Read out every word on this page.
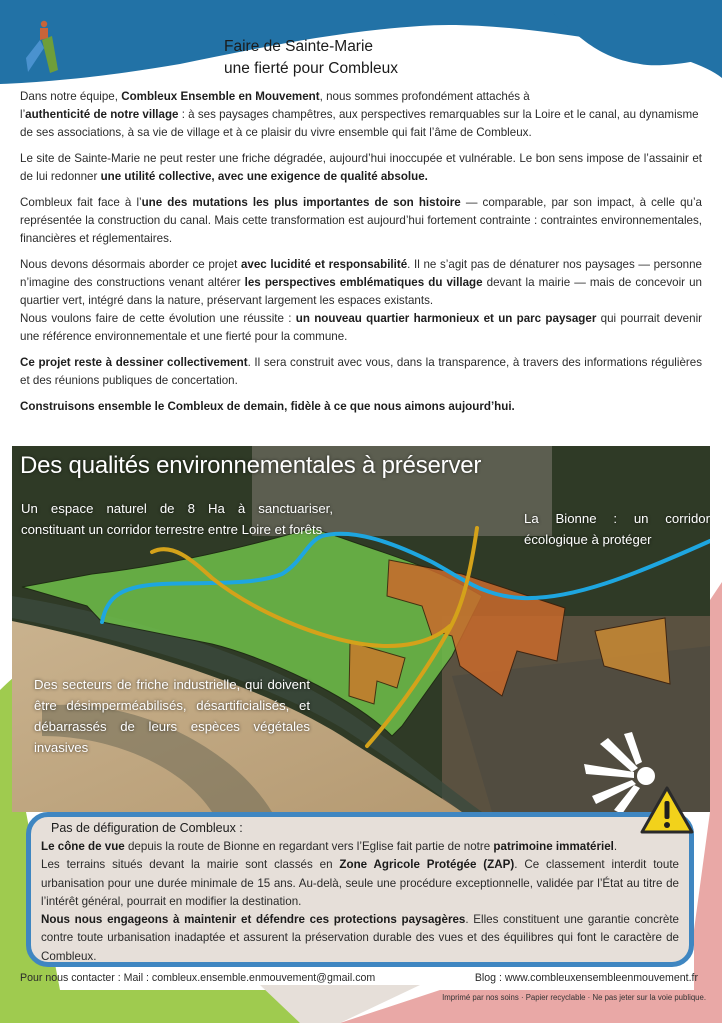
Faire de Sainte-Marie
une fierté pour Combleux

Dans notre équipe, Combleux Ensemble en Mouvement, nous sommes profondément attachés à
l’authenticité de notre village : à ses paysages champêtres, aux perspectives remarquables sur la Loire et le canal, au dynamisme de ses associations, à sa vie de village et à ce plaisir du vivre ensemble qui fait l’âme de Combleux.

Le site de Sainte-Marie ne peut rester une friche dégradée, aujourd’hui inoccupée et vulnérable. Le bon sens impose de l’assainir et de lui redonner une utilité collective, avec une exigence de qualité absolue.

Combleux fait face à l’une des mutations les plus importantes de son histoire — comparable, par son impact, à celle qu’a représentée la construction du canal. Mais cette transformation est aujourd’hui fortement contrainte : contraintes environnementales, financières et réglementaires.

Nous devons désormais aborder ce projet avec lucidité et responsabilité. Il ne s’agit pas de dénaturer nos paysages — personne n’imagine des constructions venant altérer les perspectives emblématiques du village devant la mairie — mais de concevoir un quartier vert, intégré dans la nature, préservant largement les espaces existants.

Nous voulons faire de cette évolution une réussite : un nouveau quartier harmonieux et un parc paysager qui pourrait devenir une référence environnementale et une fierté pour la commune.

Ce projet reste à dessiner collectivement. Il sera construit avec vous, dans la transparence, à travers des informations régulières et des réunions publiques de concertation.

Construisons ensemble le Combleux de demain, fidèle à ce que nous aimons aujourd’hui.

Des qualités environnementales à préserver
Un espace naturel de 8 Ha à sanctuariser, constituant un corridor terrestre entre Loire et forêts
La Bionne : un corridor écologique à protéger
Des secteurs de friche industrielle, qui doivent être désimperméabilisés, désartificialisés, et débarrassés de leurs espèces végétales invasives
Pas de défiguration de Combleux :

Le cône de vue depuis la route de Bionne en regardant vers l’Eglise fait partie de notre patrimoine immatériel.

Les terrains situés devant la mairie sont classés en Zone Agricole Protégée (ZAP). Ce classement interdit toute urbanisation pour une durée minimale de 15 ans. Au-delà, seule une procédure exceptionnelle, validée par l’État au titre de l’intérêt général, pourrait en modifier la destination.

Nous nous engageons à maintenir et défendre ces protections paysagères. Elles constituent une garantie concrète contre toute urbanisation inadaptée et assurent la préservation durable des vues et des équilibres qui font le caractère de Combleux.

Pour nous contacter : Mail : combleux.ensemble.enmouvement@gmail.com	Blog : www.combleuxensembleenmouvement.fr
Imprimé par nos soins · Papier recyclable · Ne pas jeter sur la voie publique.
